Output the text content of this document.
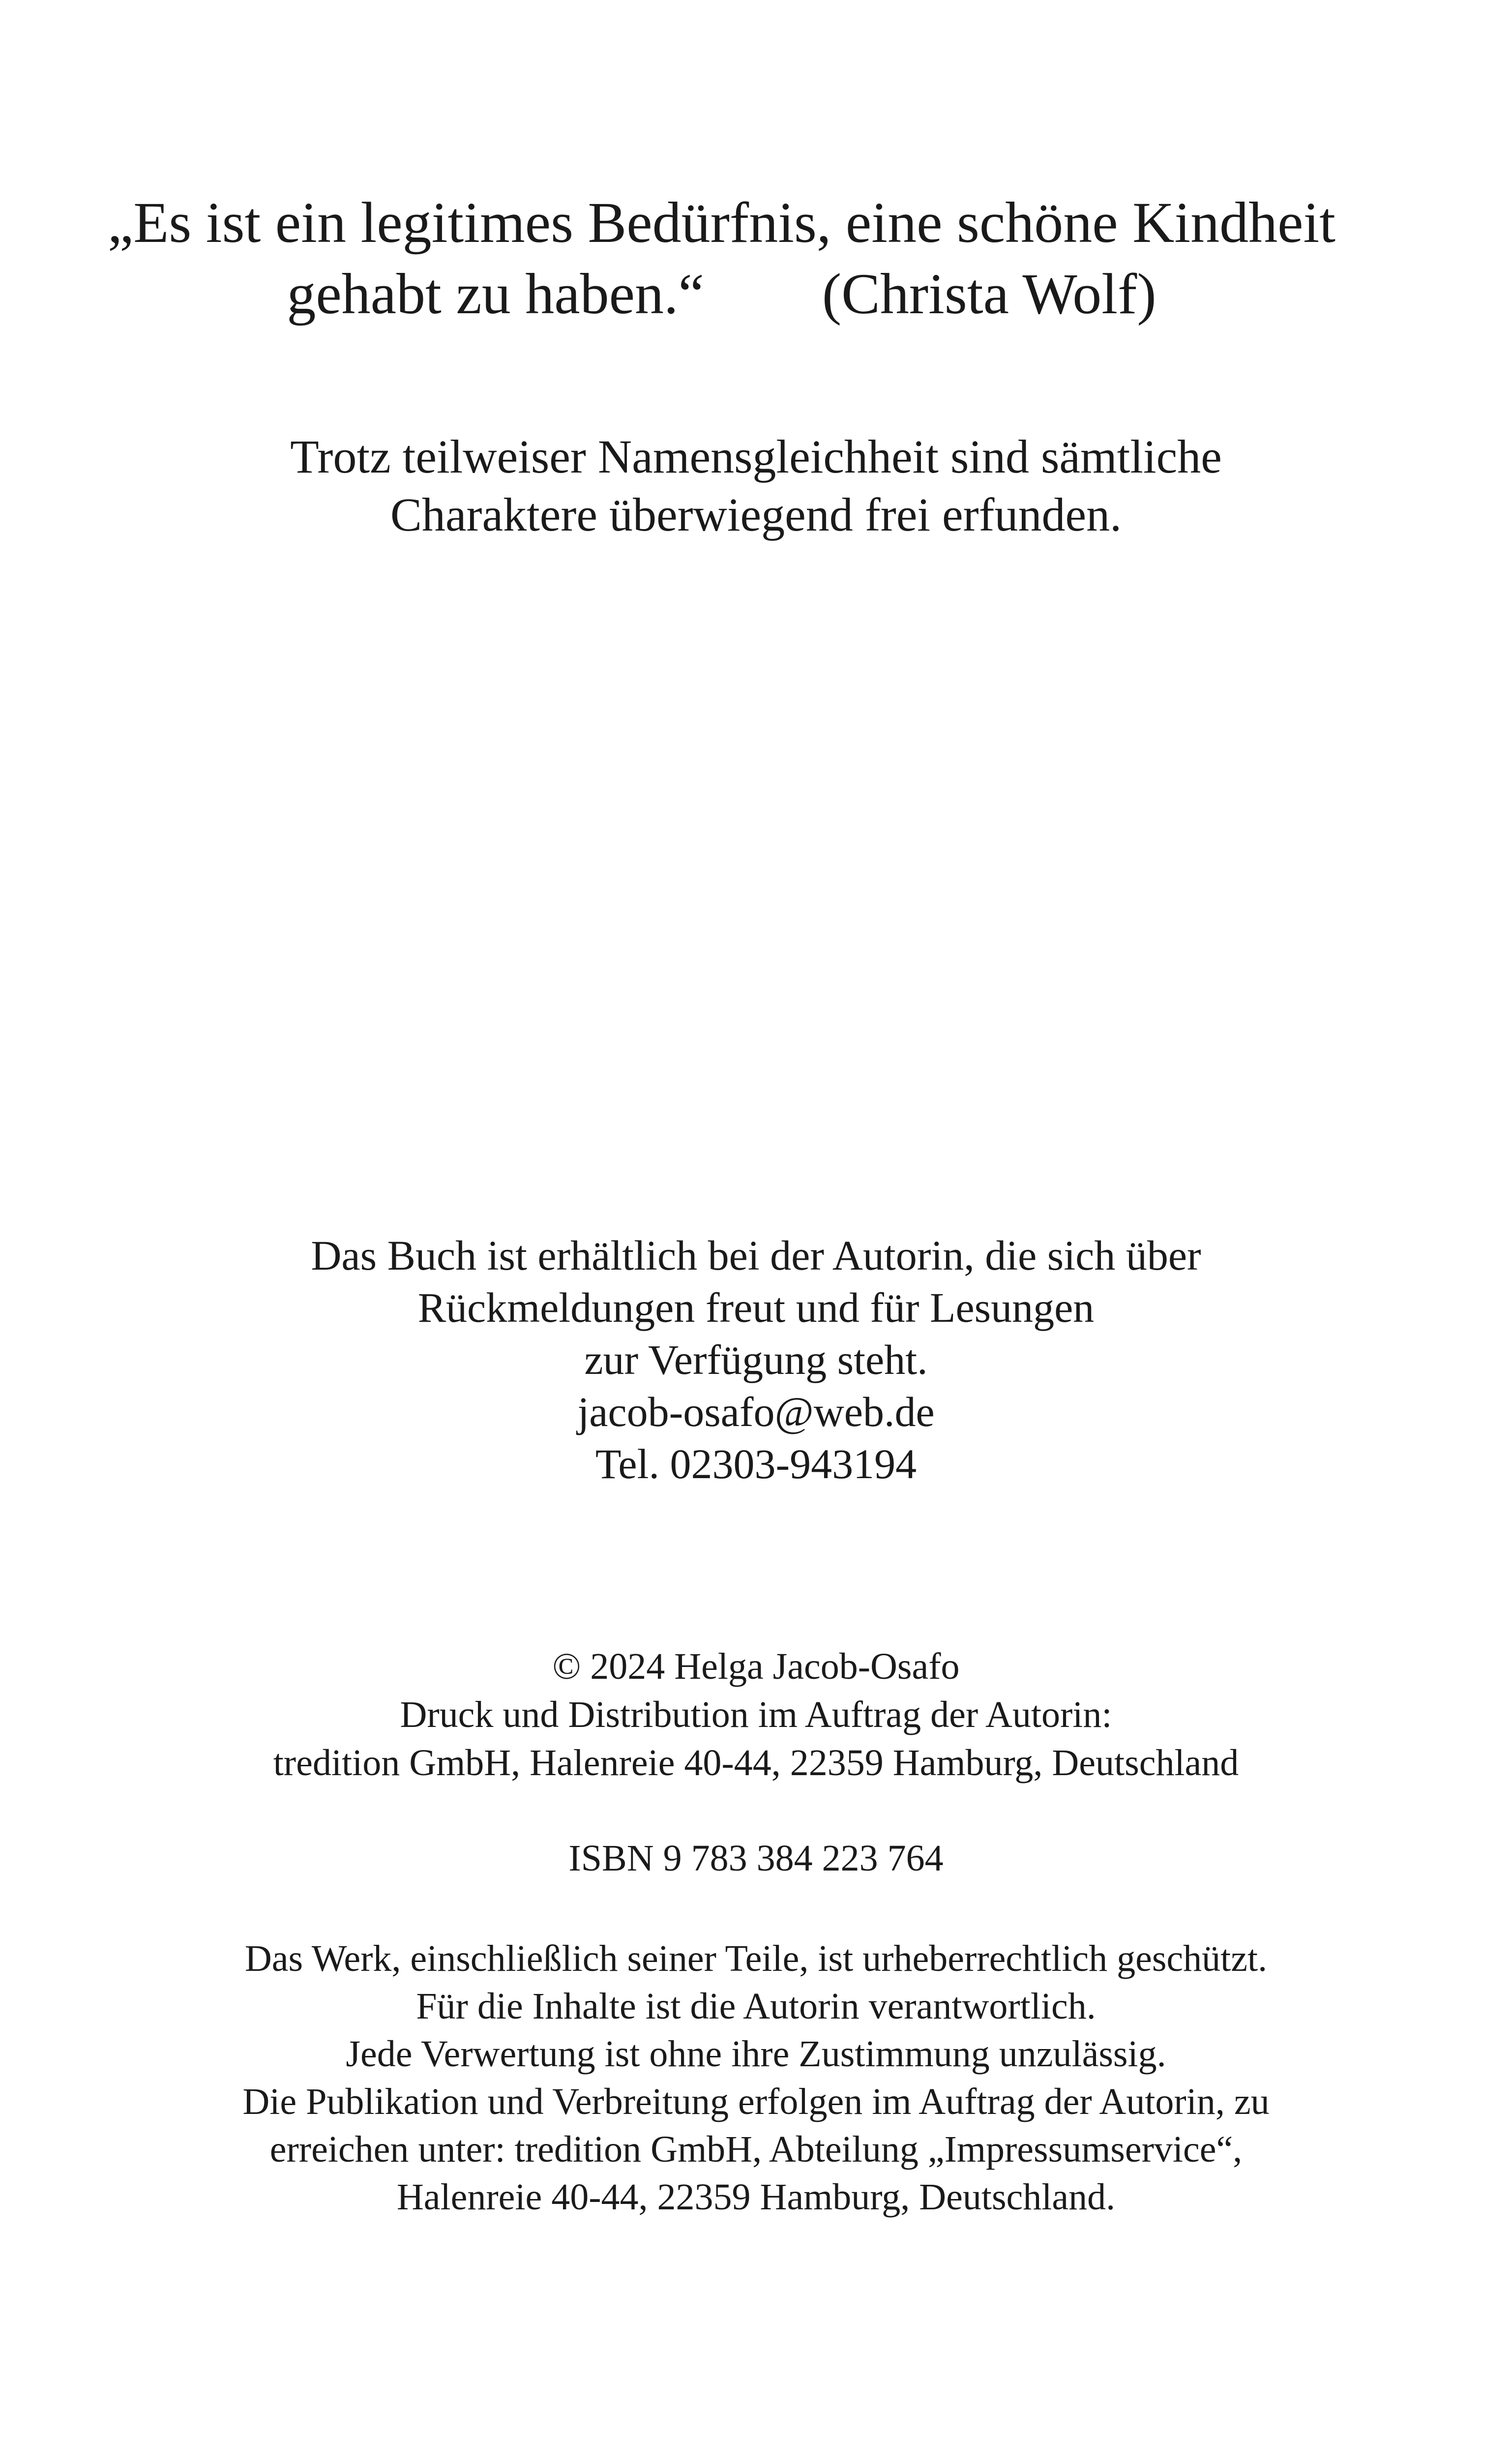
„Es ist ein legitimes Bedürfnis, eine schöne Kindheit
gehabt zu haben.“ (Christa Wolf)
Trotz teilweiser Namensgleichheit sind sämtliche
Charaktere überwiegend frei erfunden.
Das Buch ist erhältlich bei der Autorin, die sich über
Rückmeldungen freut und für Lesungen
zur Verfügung steht.
jacob-osafo@web.de
Tel. 02303-943194
© 2024 Helga Jacob-Osafo
Druck und Distribution im Auftrag der Autorin:
tredition GmbH, Halenreie 40-44, 22359 Hamburg, Deutschland
ISBN 9 783 384 223 764
Das Werk, einschließlich seiner Teile, ist urheberrechtlich geschützt.
Für die Inhalte ist die Autorin verantwortlich.
Jede Verwertung ist ohne ihre Zustimmung unzulässig.
Die Publikation und Verbreitung erfolgen im Auftrag der Autorin, zu
erreichen unter: tredition GmbH, Abteilung „Impressumservice“,
Halenreie 40-44, 22359 Hamburg, Deutschland.
